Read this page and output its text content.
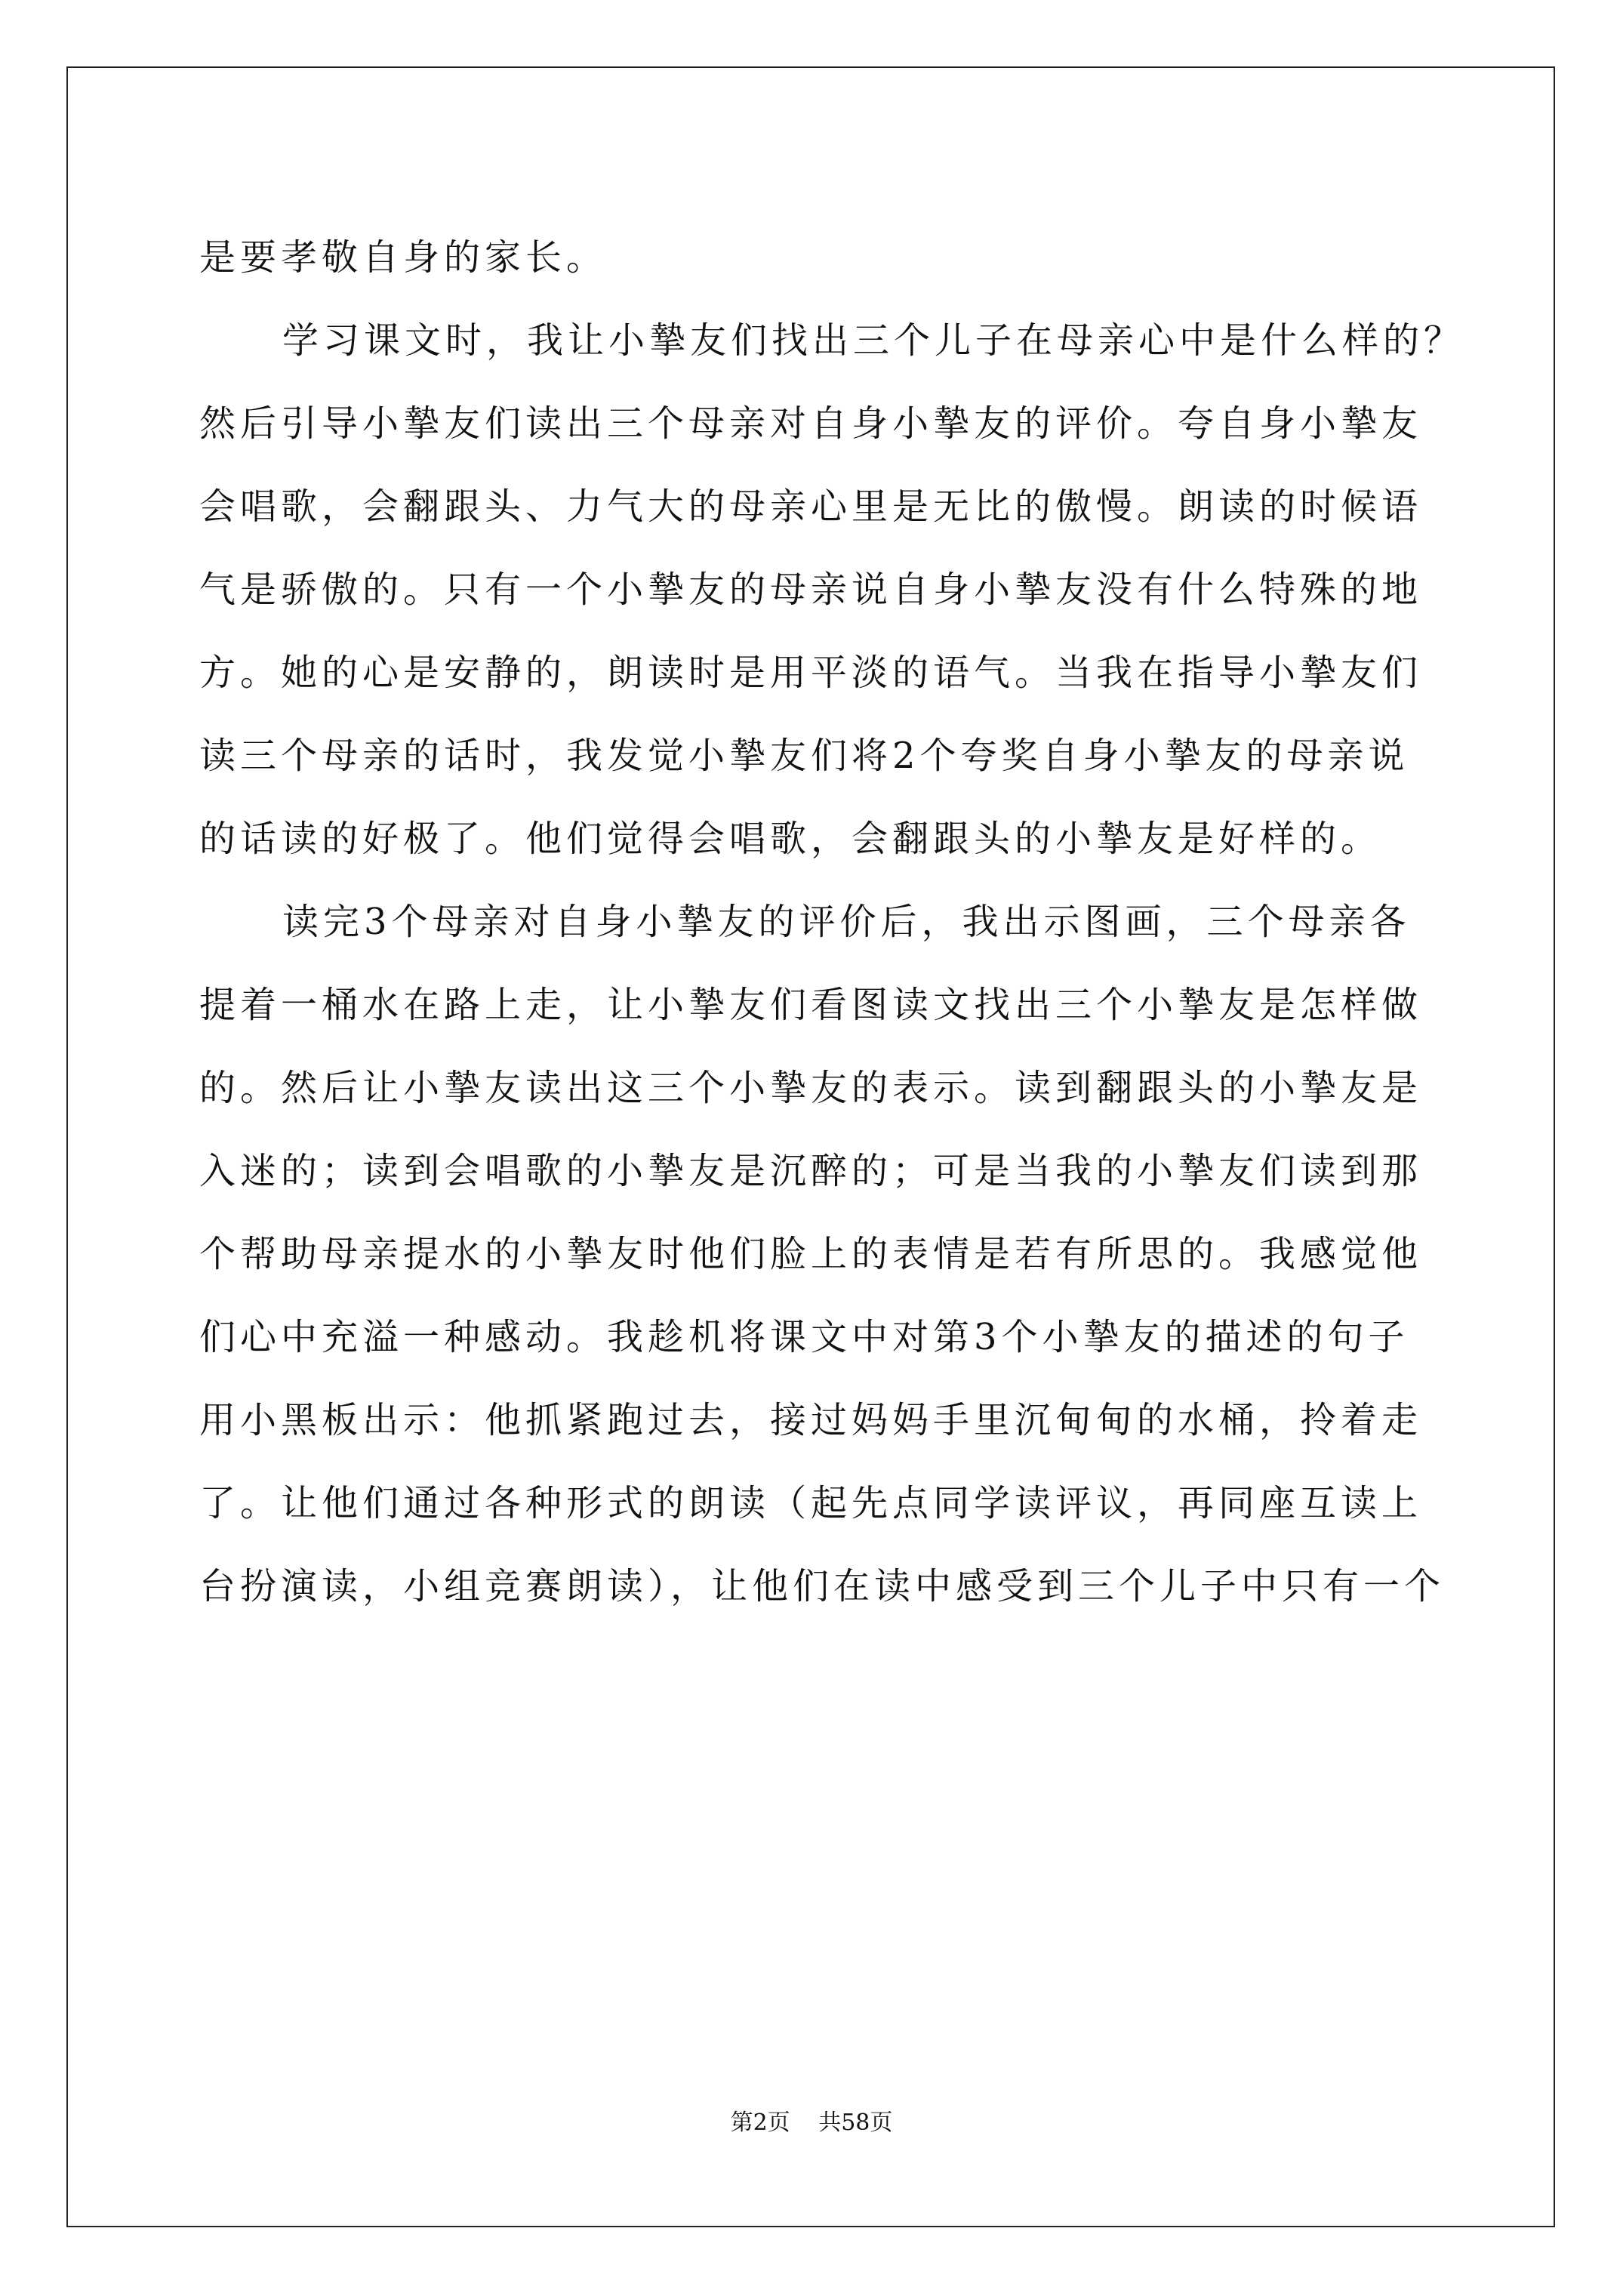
是要孝敬自身的家长。
学习课文时，我让小摯友们找出三个儿子在母亲心中是什么样的？
然后引导小摯友们读出三个母亲对自身小摯友的评价。夸自身小摯友
会唱歌，会翻跟头、力气大的母亲心里是无比的傲慢。朗读的时候语
气是骄傲的。只有一个小摯友的母亲说自身小摯友没有什么特殊的地
方。她的心是安静的，朗读时是用平淡的语气。当我在指导小摯友们
读三个母亲的话时，我发觉小摯友们将2个夸奖自身小摯友的母亲说
的话读的好极了。他们觉得会唱歌，会翻跟头的小摯友是好样的。
读完3个母亲对自身小摯友的评价后，我出示图画，三个母亲各
提着一桶水在路上走，让小摯友们看图读文找出三个小摯友是怎样做
的。然后让小摯友读出这三个小摯友的表示。读到翻跟头的小摯友是
入迷的；读到会唱歌的小摯友是沉醉的；可是当我的小摯友们读到那
个帮助母亲提水的小摯友时他们脸上的表情是若有所思的。我感觉他
们心中充溢一种感动。我趁机将课文中对第3个小摯友的描述的句子
用小黑板出示：他抓紧跑过去，接过妈妈手里沉甸甸的水桶，拎着走
了。让他们通过各种形式的朗读（起先点同学读评议，再同座互读上
台扮演读，小组竞赛朗读），让他们在读中感受到三个儿子中只有一个
第2页 共58页
